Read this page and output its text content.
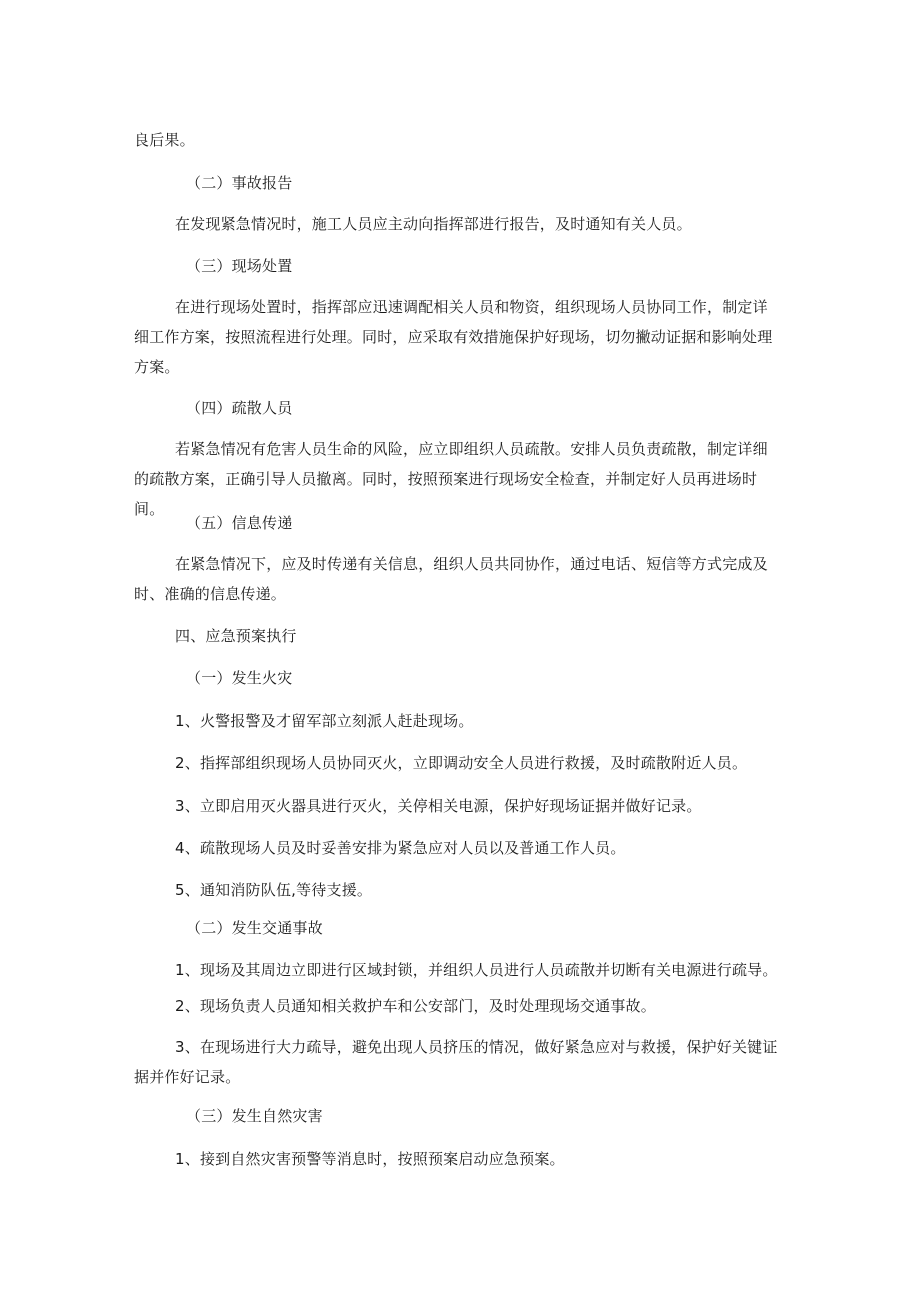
良后果。
（二）事故报告
在发现紧急情况时，施工人员应主动向指挥部进行报告，及时通知有关人员。
（三）现场处置
在进行现场处置时，指挥部应迅速调配相关人员和物资，组织现场人员协同工作，制定详细工作方案，按照流程进行处理。同时，应采取有效措施保护好现场，切勿撇动证据和影响处理方案。
（四）疏散人员
若紧急情况有危害人员生命的风险，应立即组织人员疏散。安排人员负责疏散，制定详细的疏散方案，正确引导人员撤离。同时，按照预案进行现场安全检查，并制定好人员再进场时间。
（五）信息传递
在紧急情况下，应及时传递有关信息，组织人员共同协作，通过电话、短信等方式完成及时、准确的信息传递。
四、应急预案执行
（一）发生火灾
1、火警报警及才留军部立刻派人赶赴现场。
2、指挥部组织现场人员协同灭火，立即调动安全人员进行救援，及时疏散附近人员。
3、立即启用灭火器具进行灭火，关停相关电源，保护好现场证据并做好记录。
4、疏散现场人员及时妥善安排为紧急应对人员以及普通工作人员。
5、通知消防队伍,等待支援。
（二）发生交通事故
1、现场及其周边立即进行区域封锁，并组织人员进行人员疏散并切断有关电源进行疏导。
2、现场负责人员通知相关救护车和公安部门，及时处理现场交通事故。
3、在现场进行大力疏导，避免出现人员挤压的情况，做好紧急应对与救援，保护好关键证据并作好记录。
（三）发生自然灾害
1、接到自然灾害预警等消息时，按照预案启动应急预案。
